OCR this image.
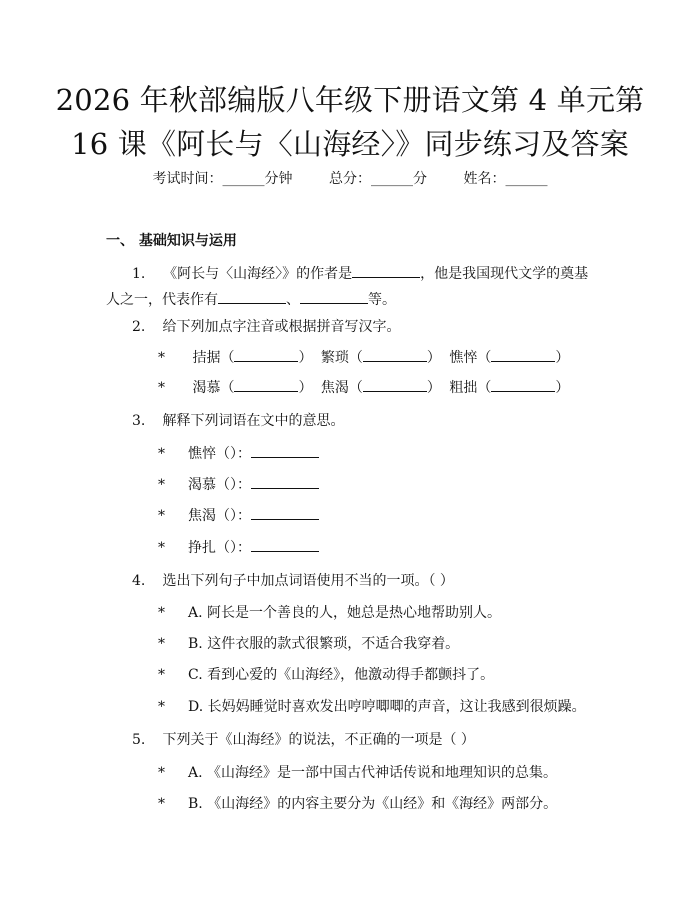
2026 年秋部编版八年级下册语文第 4 单元第
16 课《阿长与〈山海经〉》同步练习及答案
考试时间：______分钟	总分：______分	姓名：______
一、 基础知识与运用
1. 《阿长与〈山海经〉》的作者是	，他是我国现代文学的奠基人之一，代表作有	、	等。
2. 给下列加点字注音或根据拼音写汉字。
* 拮据（	） 繁琐（	） 憔悴（	）
* 渴慕（	） 焦渴（	） 粗拙（	）
3. 解释下列词语在文中的意思。
* 憔悴（）：
* 渴慕（）：
* 焦渴（）：
* 挣扎（）：
4. 选出下列句子中加点词语使用不当的一项。（ ）
* A. 阿长是一个善良的人，她总是热心地帮助别人。
* B. 这件衣服的款式很繁琐，不适合我穿着。
* C. 看到心爱的《山海经》，他激动得手都颤抖了。
* D. 长妈妈睡觉时喜欢发出哼哼唧唧的声音，这让我感到很烦躁。
5. 下列关于《山海经》的说法，不正确的一项是（ ）
* A. 《山海经》是一部中国古代神话传说和地理知识的总集。
* B. 《山海经》的内容主要分为《山经》和《海经》两部分。
